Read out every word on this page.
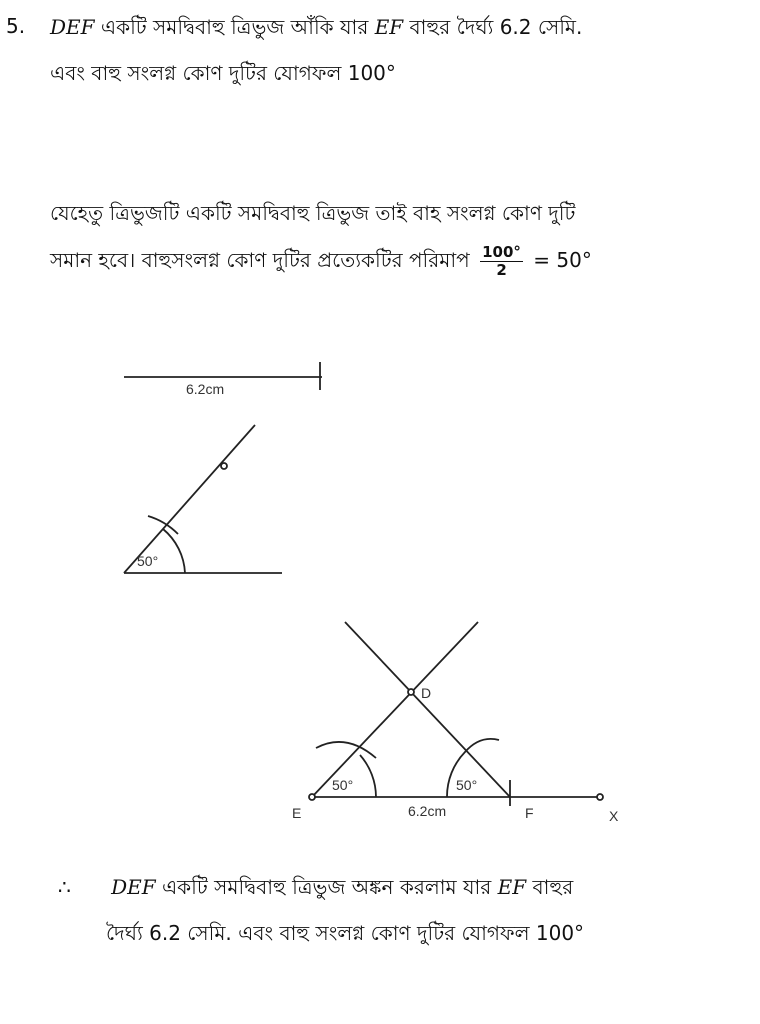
5. DEF একটি সমদ্বিবাহু ত্রিভুজ আঁকি যার EF বাহুর দৈর্ঘ্য 6.2 সেমি.
এবং বাহু সংলগ্ন কোণ দুটির যোগফল 100°
যেহেতু ত্রিভুজটি একটি সমদ্বিবাহু ত্রিভুজ তাই বাহ সংলগ্ন কোণ দুটি
সমান হবে। বাহুসংলগ্ন কোণ দুটির প্রত্যেকটির পরিমাপ $\frac{100^\circ}{2} = 50^\circ$
6.2cm
50°
D
E
50°	50°
6.2cm	F	X
∴ DEF একটি সমদ্বিবাহু ত্রিভুজ অঙ্কন করলাম যার EF বাহুর
দৈর্ঘ্য 6.2 সেমি. এবং বাহু সংলগ্ন কোণ দুটির যোগফল 100°
